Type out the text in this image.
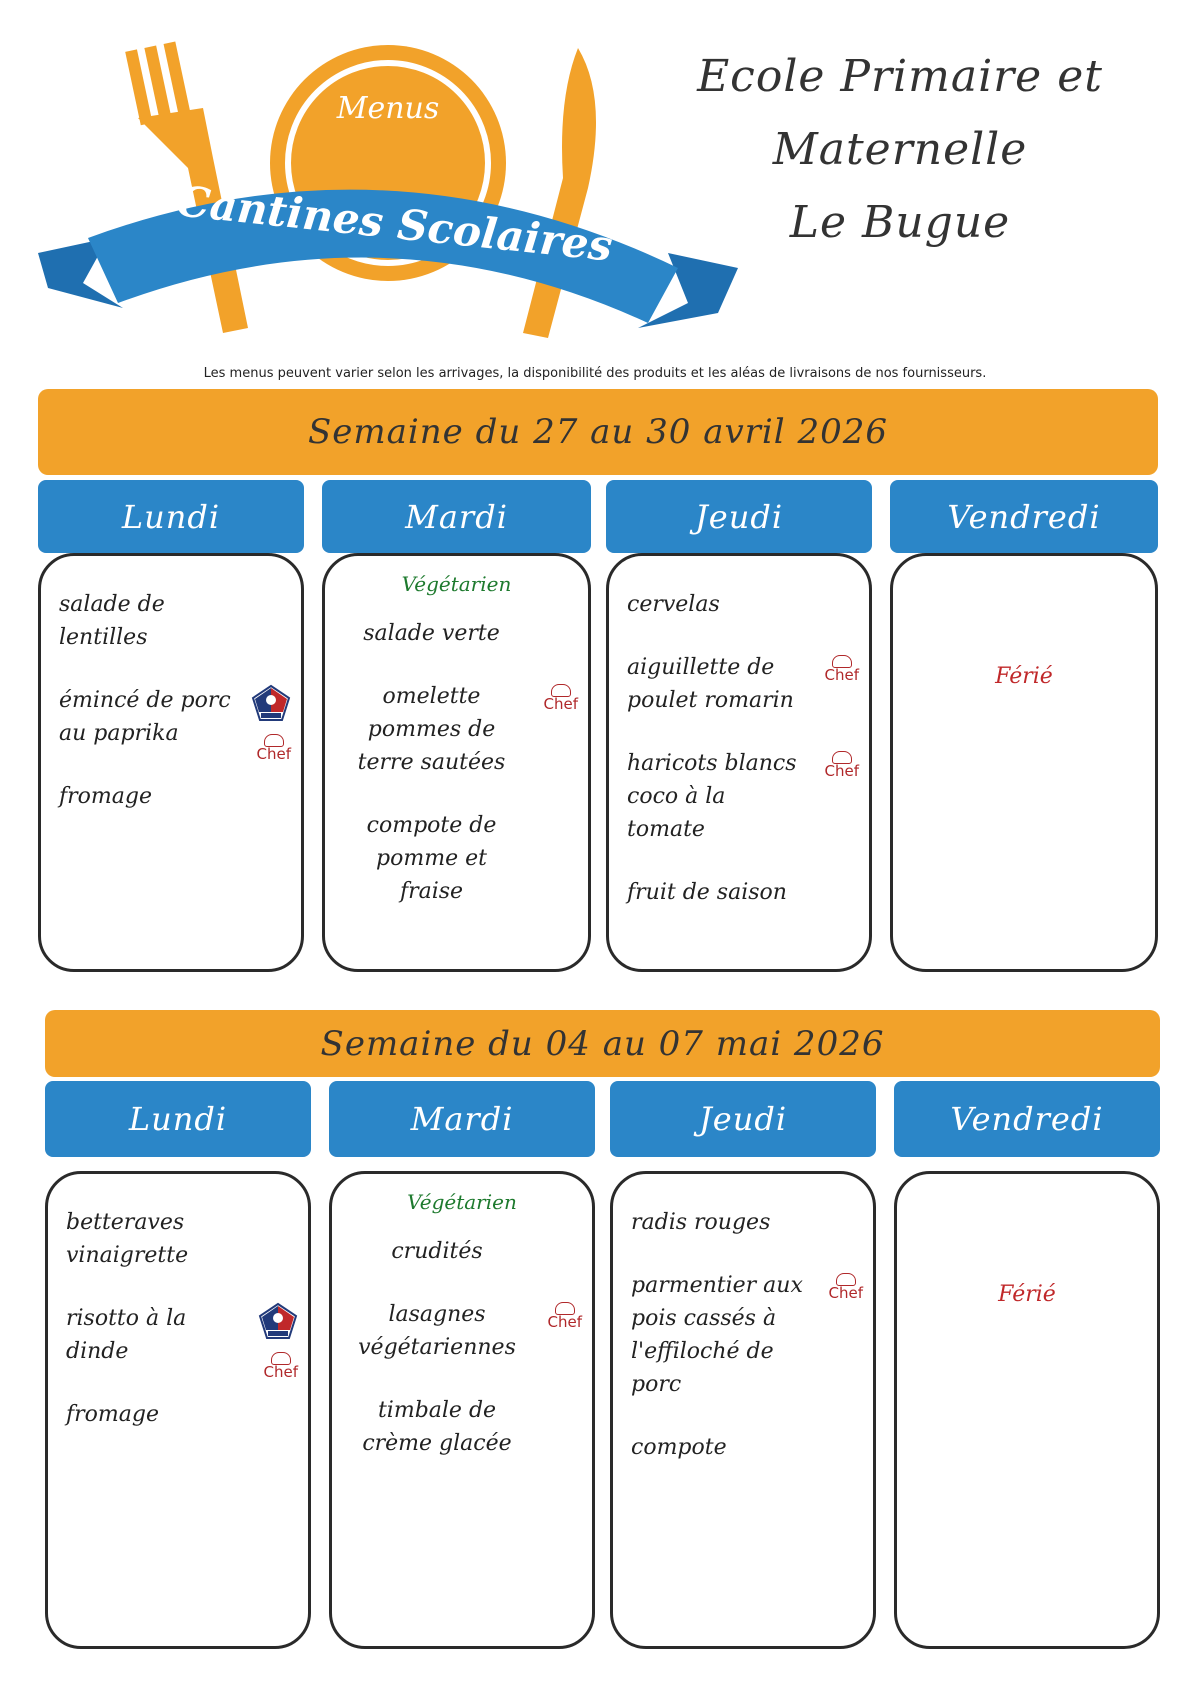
Menus
Cantines Scolaires
Ecole Primaire et
Maternelle
Le Bugue
Les menus peuvent varier selon les arrivages, la disponibilité des produits et les aléas de livraisons de nos fournisseurs.
Semaine du 27 au 30 avril 2026
Lundi
salade de lentilles
émincé de porc au paprika
Chef
fromage
Mardi
Végétarien
salade verte
omelette pommes de terre sautées
Chef
compote de pomme et fraise
Jeudi
cervelas
aiguillette de poulet romarin
Chef
haricots blancs coco à la tomate
Chef
fruit de saison
Vendredi
Férié
Semaine du 04 au 07 mai 2026
Lundi
betteraves vinaigrette
risotto à la dinde
Chef
fromage
Mardi
Végétarien
crudités
lasagnes végétariennes
Chef
timbale de crème glacée
Jeudi
radis rouges
parmentier aux pois cassés à l'effiloché de porc
Chef
compote
Vendredi
Férié
